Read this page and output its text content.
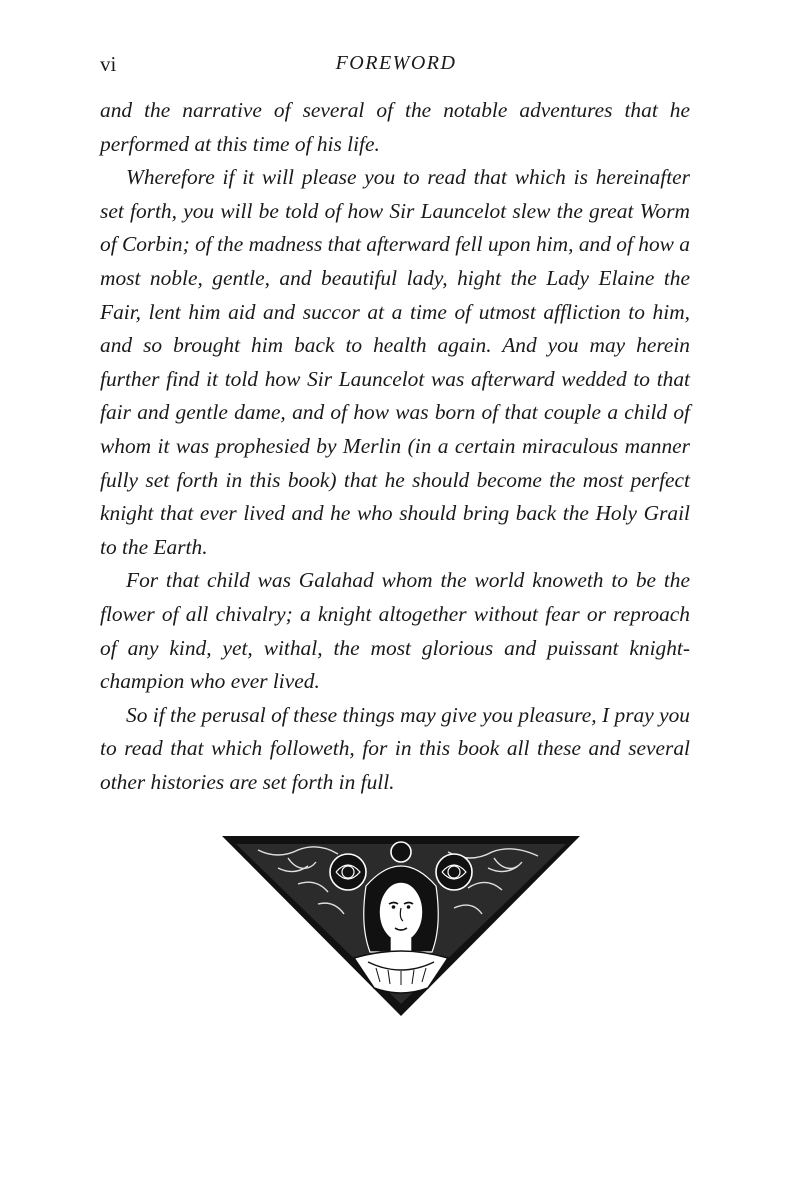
vi	FOREWORD

and the narrative of several of the notable adventures that he performed at this time of his life.

Wherefore if it will please you to read that which is hereinafter set forth, you will be told of how Sir Launcelot slew the great Worm of Corbin; of the madness that afterward fell upon him, and of how a most noble, gentle, and beautiful lady, hight the Lady Elaine the Fair, lent him aid and succor at a time of utmost affliction to him, and so brought him back to health again. And you may herein further find it told how Sir Launcelot was afterward wedded to that fair and gentle dame, and of how was born of that couple a child of whom it was prophesied by Merlin (in a certain miraculous manner fully set forth in this book) that he should become the most perfect knight that ever lived and he who should bring back the Holy Grail to the Earth.

For that child was Galahad whom the world knoweth to be the flower of all chivalry; a knight altogether without fear or reproach of any kind, yet, withal, the most glorious and puissant knight-champion who ever lived.

So if the perusal of these things may give you pleasure, I pray you to read that which followeth, for in this book all these and several other histories are set forth in full.
